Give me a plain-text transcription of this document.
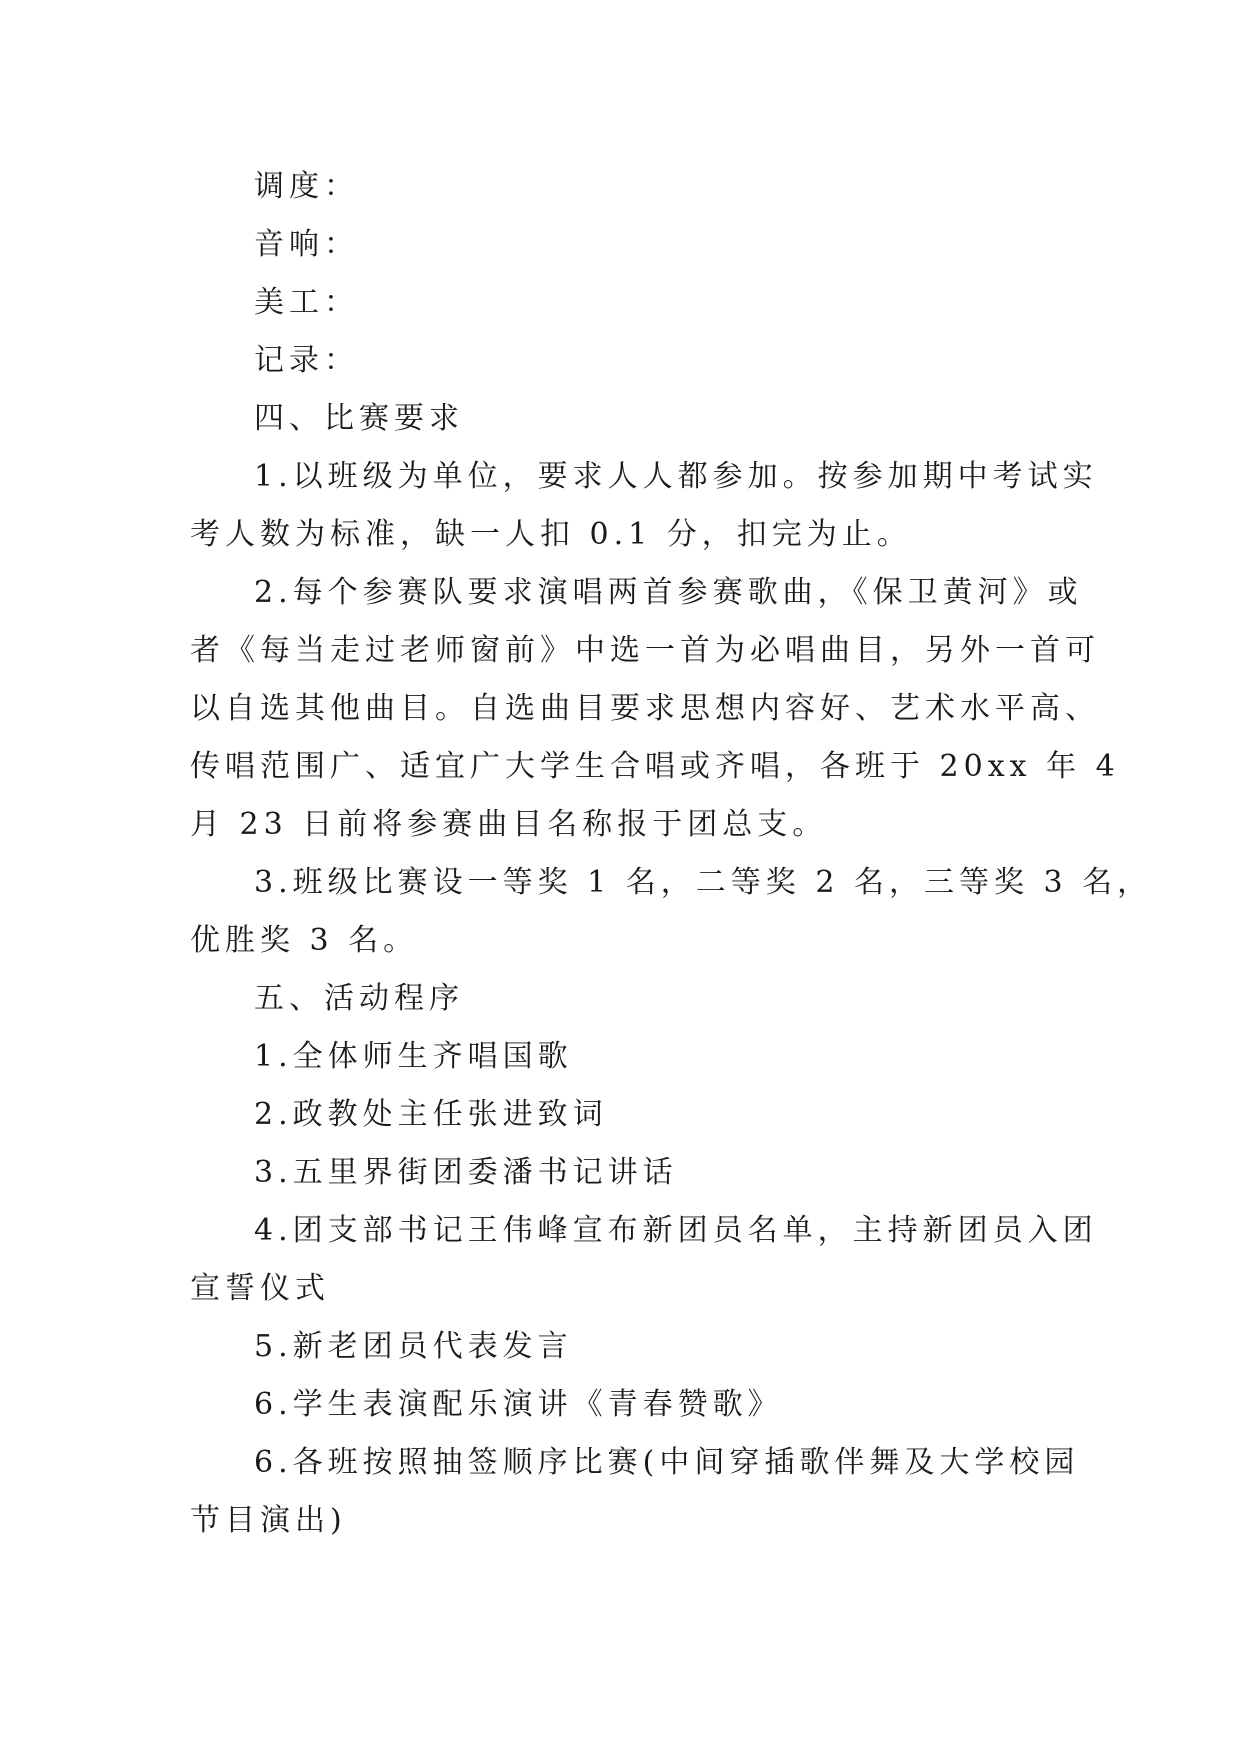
调度：
音响：
美工：
记录：
四、比赛要求
1.以班级为单位，要求人人都参加。按参加期中考试实
考人数为标准，缺一人扣 0.1 分，扣完为止。
2.每个参赛队要求演唱两首参赛歌曲，《保卫黄河》或
者《每当走过老师窗前》中选一首为必唱曲目，另外一首可
以自选其他曲目。自选曲目要求思想内容好、艺术水平高、
传唱范围广、适宜广大学生合唱或齐唱，各班于 20xx 年 4
月 23 日前将参赛曲目名称报于团总支。
3.班级比赛设一等奖 1 名，二等奖 2 名，三等奖 3 名，
优胜奖 3 名。
五、活动程序
1.全体师生齐唱国歌
2.政教处主任张进致词
3.五里界街团委潘书记讲话
4.团支部书记王伟峰宣布新团员名单，主持新团员入团
宣誓仪式
5.新老团员代表发言
6.学生表演配乐演讲《青春赞歌》
6.各班按照抽签顺序比赛(中间穿插歌伴舞及大学校园
节目演出)
